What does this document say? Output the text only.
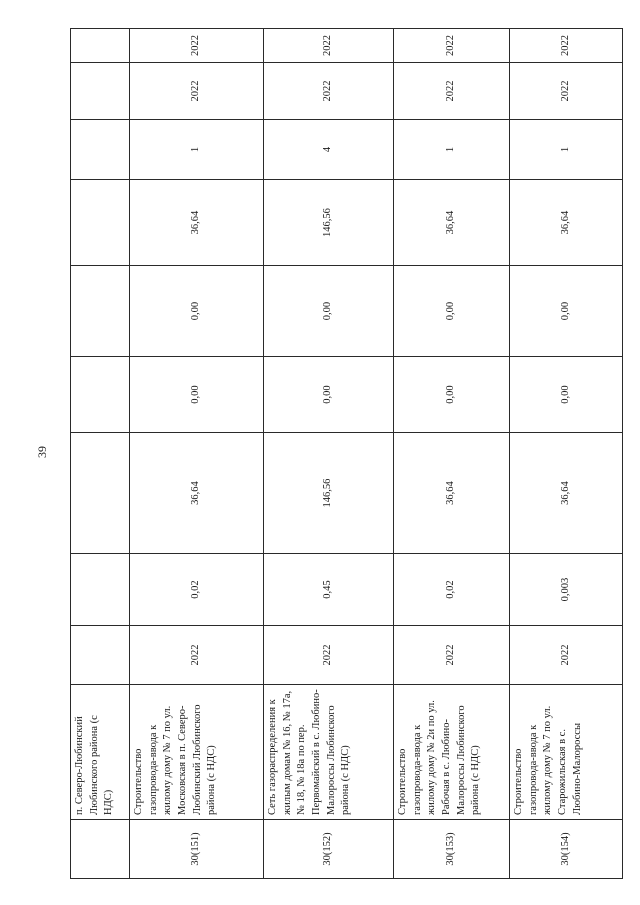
39
	п. Северо-Любинский Любинского района (с НДС)									
30(151)	Строительство газопровода-ввода к жилому дому № 7 по ул. Московская в п. Северо-Любинский Любинского района (с НДС)	2022	0,02	36,64	0,00	0,00	36,64	1	2022	2022
30(152)	Сеть газораспределения к жилым домам № 16, № 17а, № 18, № 18а по пер. Первомайский в с. Любино-Малороссы Любинского района (с НДС)	2022	0,45	146,56	0,00	0,00	146,56	4	2022	2022
30(153)	Строительство газопровода-ввода к жилому дому № 2и по ул. Рабочая в с. Любино-Малороссы Любинского района (с НДС)	2022	0,02	36,64	0,00	0,00	36,64	1	2022	2022
30(154)	Строительство газопровода-ввода к жилому дому № 7 по ул. Старожильская в с. Любино-Малороссы	2022	0,003	36,64	0,00	0,00	36,64	1	2022	2022
